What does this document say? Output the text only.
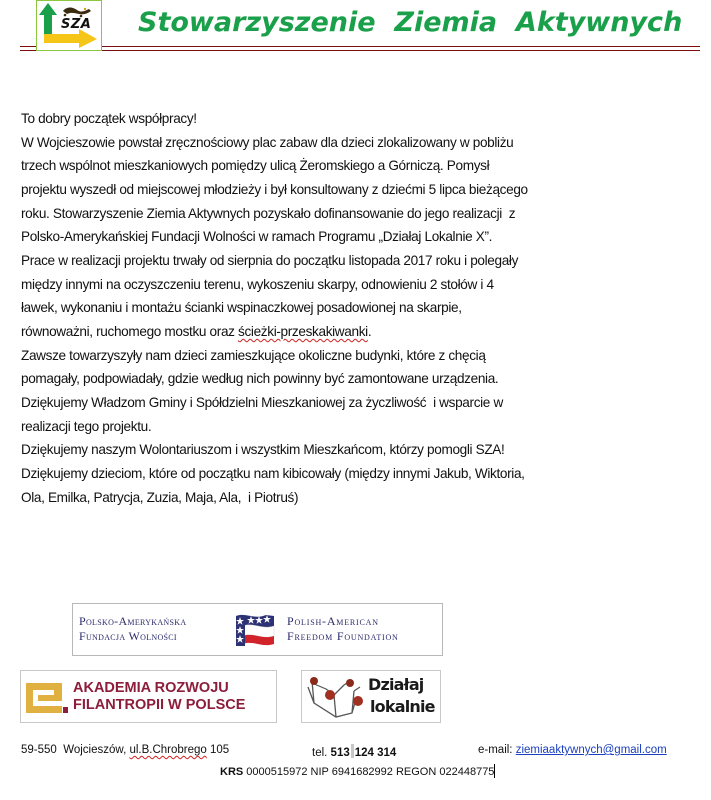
SZA Stowarzyszenie  Ziemia  Aktywnych

To dobry początek współpracy!

W Wojcieszowie powstał zręcznościowy plac zabaw dla dzieci zlokalizowany w pobliżu

trzech wspólnot mieszkaniowych pomiędzy ulicą Żeromskiego a Górniczą. Pomysł

projektu wyszedł od miejscowej młodzieży i był konsultowany z dziećmi 5 lipca bieżącego

roku. Stowarzyszenie Ziemia Aktywnych pozyskało dofinansowanie do jego realizacji  z

Polsko-Amerykańskiej Fundacji Wolności w ramach Programu „Działaj Lokalnie X”.

Prace w realizacji projektu trwały od sierpnia do początku listopada 2017 roku i polegały

między innymi na oczyszczeniu terenu, wykoszeniu skarpy, odnowieniu 2 stołów i 4

ławek, wykonaniu i montażu ścianki wspinaczkowej posadowionej na skarpie,

równoważni, ruchomego mostku oraz ścieżki-przeskakiwanki.

Zawsze towarzyszyły nam dzieci zamieszkujące okoliczne budynki, które z chęcią

pomagały, podpowiadały, gdzie według nich powinny być zamontowane urządzenia.

Dziękujemy Władzom Gminy i Spółdzielni Mieszkaniowej za życzliwość  i wsparcie w

realizacji tego projektu.

Dziękujemy naszym Wolontariuszom i wszystkim Mieszkańcom, którzy pomogli SZA!

Dziękujemy dzieciom, które od początku nam kibicowały (między innymi Jakub, Wiktoria,

Ola, Emilka, Patrycja, Zuzia, Maja, Ala,  i Piotruś)

Polsko-Amerykańska
Fundacja Wolności
Polish-American
Freedom Foundation
AKADEMIA ROZWOJU
FILANTROPII W POLSCE
Działaj
lokalnie
59-550  Wojcieszów, ul.B.Chrobrego 105	tel. 513 124 314	e-mail: ziemiaaktywnych@gmail.com
KRS 0000515972 NIP 6941682992 REGON 022448775
